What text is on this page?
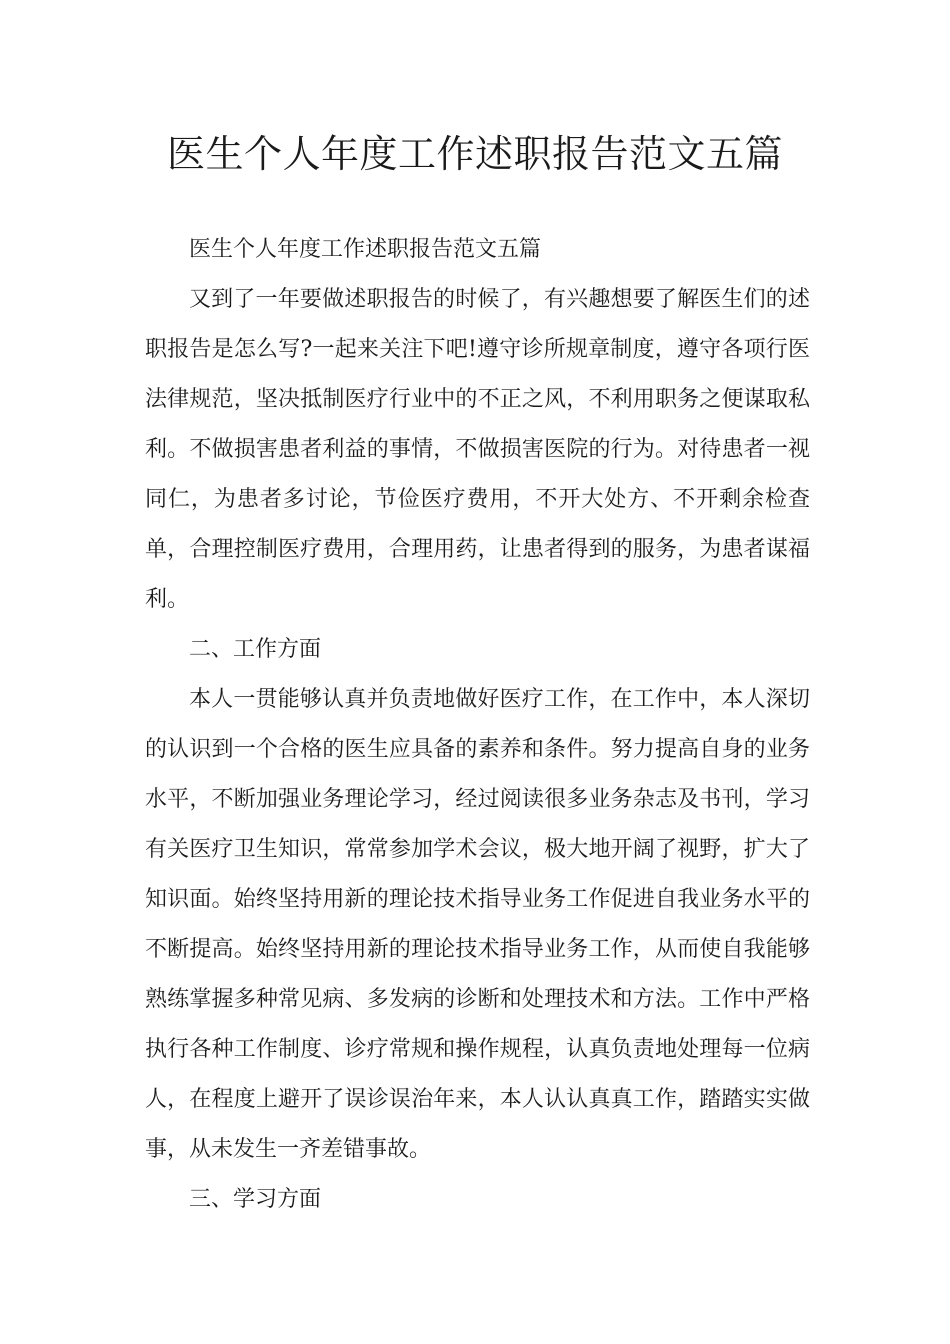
医生个人年度工作述职报告范文五篇

医生个人年度工作述职报告范文五篇

又到了一年要做述职报告的时候了，有兴趣想要了解医生们的述职报告是怎么写?一起来关注下吧!遵守诊所规章制度，遵守各项行医法律规范，坚决抵制医疗行业中的不正之风，不利用职务之便谋取私利。不做损害患者利益的事情，不做损害医院的行为。对待患者一视同仁，为患者多讨论，节俭医疗费用，不开大处方、不开剩余检查单，合理控制医疗费用，合理用药，让患者得到的服务，为患者谋福利。

二、工作方面

本人一贯能够认真并负责地做好医疗工作，在工作中，本人深切的认识到一个合格的医生应具备的素养和条件。努力提高自身的业务水平，不断加强业务理论学习，经过阅读很多业务杂志及书刊，学习有关医疗卫生知识，常常参加学术会议，极大地开阔了视野，扩大了知识面。始终坚持用新的理论技术指导业务工作促进自我业务水平的不断提高。始终坚持用新的理论技术指导业务工作，从而使自我能够熟练掌握多种常见病、多发病的诊断和处理技术和方法。工作中严格执行各种工作制度、诊疗常规和操作规程，认真负责地处理每一位病人，在程度上避开了误诊误治年来，本人认认真真工作，踏踏实实做事，从未发生一齐差错事故。

三、学习方面
